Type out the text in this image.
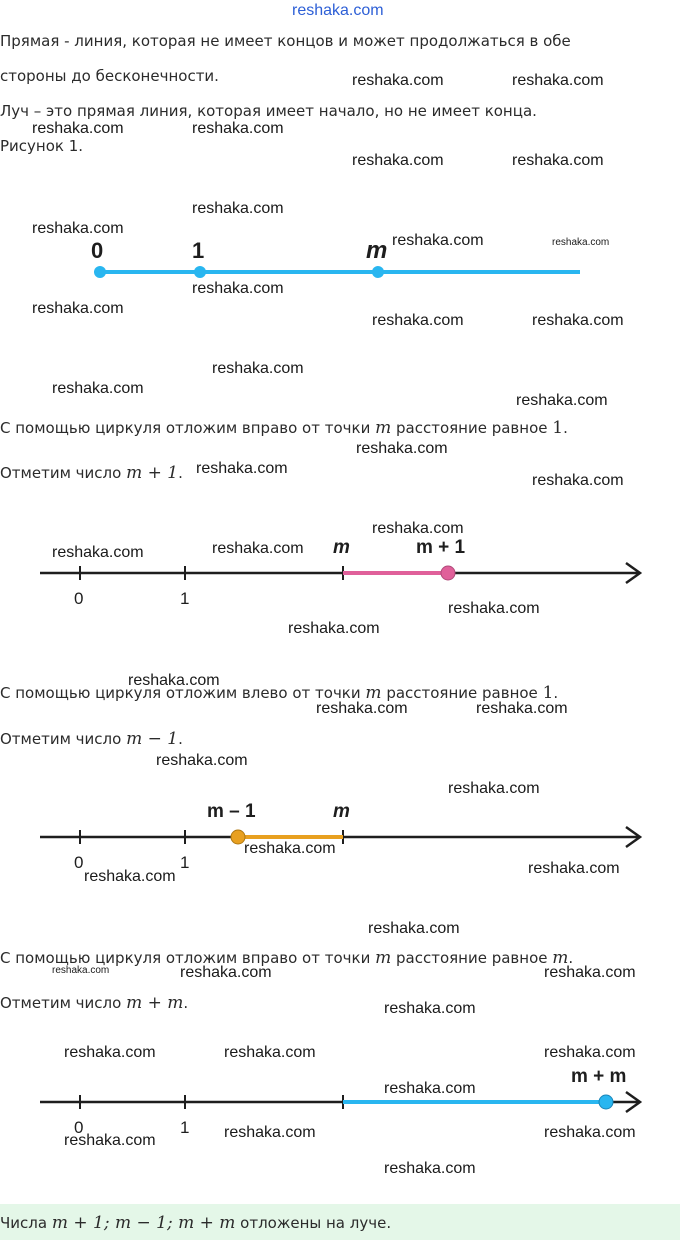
reshaka.com
Прямая - линия, которая не имеет концов и может продолжаться в обе
стороны до бесконечности.
Луч – это прямая линия, которая имеет начало, но не имеет конца.
Рисунок 1.
0	1	m
С помощью циркуля отложим вправо от точки m расстояние равное 1.
Отметим число m + 1.
0	1
m	m + 1
С помощью циркуля отложим влево от точки m расстояние равное 1.
Отметим число m − 1.
0	1
m
m – 1
С помощью циркуля отложим вправо от точки m расстояние равное m.
Отметим число m + m.
0	1
m + m
Числа m + 1; m − 1; m + m отложены на луче.
reshaka.com	reshaka.com
reshaka.com	reshaka.com
reshaka.com	reshaka.com
reshaka.com
reshaka.com
reshaka.com	reshaka.com
reshaka.com
reshaka.com
reshaka.com	reshaka.com
reshaka.com
reshaka.com
reshaka.com
reshaka.com
reshaka.com
reshaka.com
reshaka.com
reshaka.com
reshaka.com
reshaka.com
reshaka.com
reshaka.com
reshaka.com	reshaka.com
reshaka.com
reshaka.com
reshaka.com
reshaka.com
reshaka.com
reshaka.com
reshaka.com	reshaka.com	reshaka.com
reshaka.com
reshaka.com	reshaka.com	reshaka.com
reshaka.com
reshaka.com	reshaka.com
reshaka.com
reshaka.com
